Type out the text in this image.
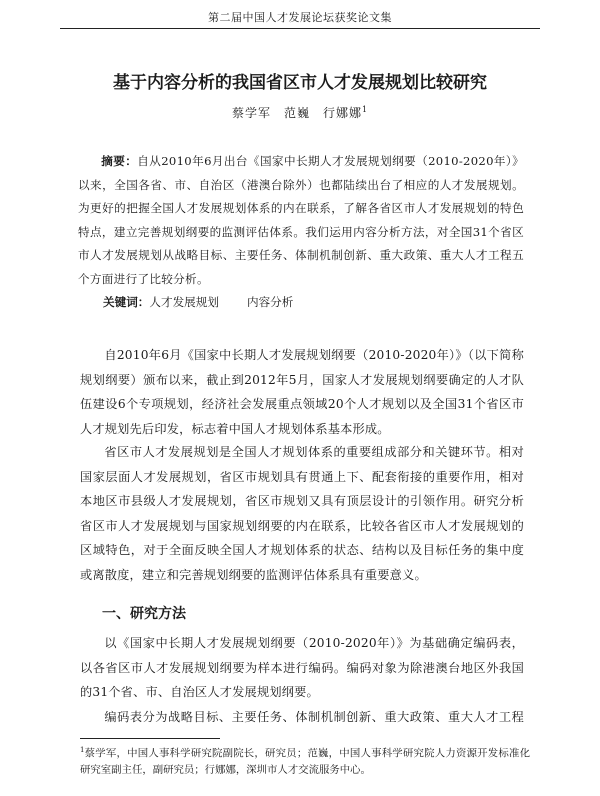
第二届中国人才发展论坛获奖论文集
基于内容分析的我国省区市人才发展规划比较研究
蔡学军　范巍　行娜娜$^1$
摘要：自从2010年6月出台《国家中长期人才发展规划纲要（2010-2020年）》以来，全国各省、市、自治区（港澳台除外）也都陆续出台了相应的人才发展规划。为更好的把握全国人才发展规划体系的内在联系，了解各省区市人才发展规划的特色特点，建立完善规划纲要的监测评估体系。我们运用内容分析方法，对全国31个省区市人才发展规划从战略目标、主要任务、体制机制创新、重大政策、重大人才工程五个方面进行了比较分析。
关键词：人才发展规划 内容分析

自2010年6月《国家中长期人才发展规划纲要（2010-2020年）》（以下简称规划纲要）颁布以来，截止到2012年5月，国家人才发展规划纲要确定的人才队伍建设6个专项规划，经济社会发展重点领域20个人才规划以及全国31个省区市人才规划先后印发，标志着中国人才规划体系基本形成。

省区市人才发展规划是全国人才规划体系的重要组成部分和关键环节。相对国家层面人才发展规划，省区市规划具有贯通上下、配套衔接的重要作用，相对本地区市县级人才发展规划，省区市规划又具有顶层设计的引领作用。研究分析省区市人才发展规划与国家规划纲要的内在联系，比较各省区市人才发展规划的区域特色，对于全面反映全国人才规划体系的状态、结构以及目标任务的集中度或离散度，建立和完善规划纲要的监测评估体系具有重要意义。

一、研究方法

以《国家中长期人才发展规划纲要（2010-2020年）》为基础确定编码表，以各省区市人才发展规划纲要为样本进行编码。编码对象为除港澳台地区外我国的31个省、市、自治区人才发展规划纲要。

编码表分为战略目标、主要任务、体制机制创新、重大政策、重大人才工程

$^1$蔡学军，中国人事科学研究院副院长，研究员；范巍，中国人事科学研究院人力资源开发标准化研究室副主任，副研究员；行娜娜，深圳市人才交流服务中心。
